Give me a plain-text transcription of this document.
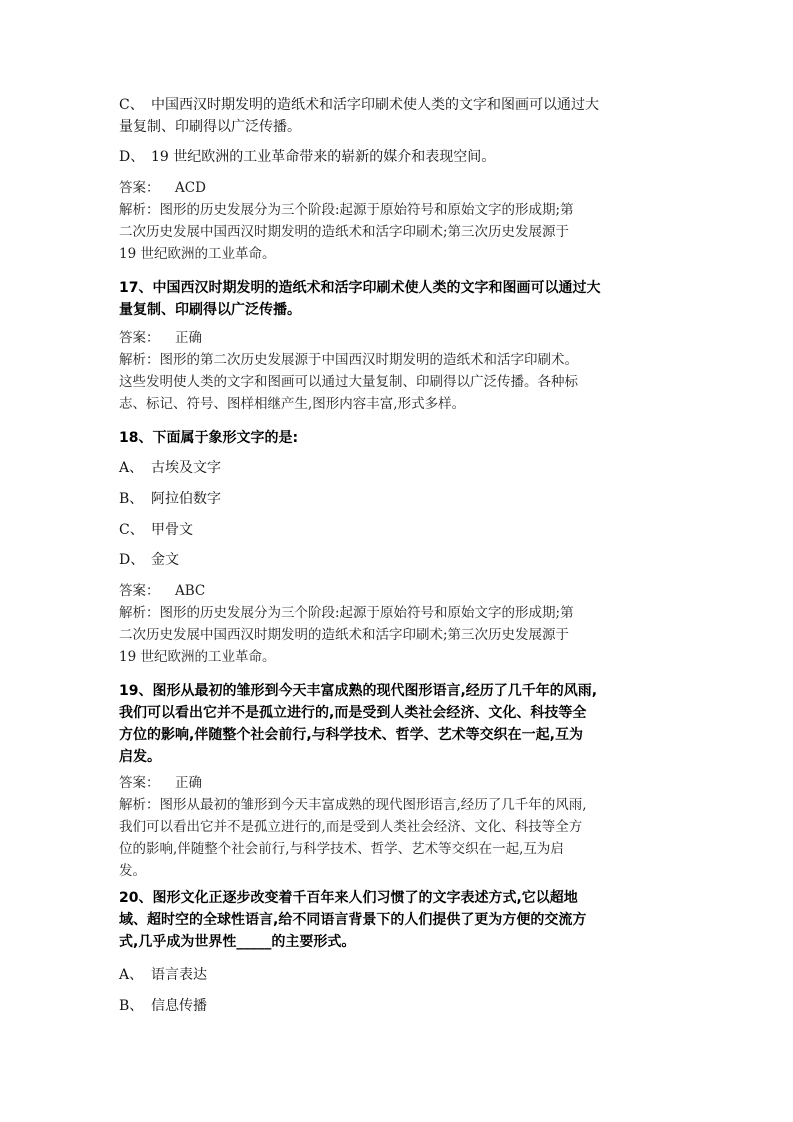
C、 中国西汉时期发明的造纸术和活字印刷术使人类的文字和图画可以通过大
量复制、印刷得以广泛传播。
D、 19 世纪欧洲的工业革命带来的崭新的媒介和表现空间。
答案： ACD
解析：图形的历史发展分为三个阶段:起源于原始符号和原始文字的形成期;第
二次历史发展中国西汉时期发明的造纸术和活字印刷术;第三次历史发展源于
19 世纪欧洲的工业革命。
17、中国西汉时期发明的造纸术和活字印刷术使人类的文字和图画可以通过大
量复制、印刷得以广泛传播。
答案： 正确
解析：图形的第二次历史发展源于中国西汉时期发明的造纸术和活字印刷术。
这些发明使人类的文字和图画可以通过大量复制、印刷得以广泛传播。各种标
志、标记、符号、图样相继产生,图形内容丰富,形式多样。
18、下面属于象形文字的是:
A、 古埃及文字
B、 阿拉伯数字
C、 甲骨文
D、 金文
答案： ABC
解析：图形的历史发展分为三个阶段:起源于原始符号和原始文字的形成期;第
二次历史发展中国西汉时期发明的造纸术和活字印刷术;第三次历史发展源于
19 世纪欧洲的工业革命。
19、图形从最初的雏形到今天丰富成熟的现代图形语言,经历了几千年的风雨,
我们可以看出它并不是孤立进行的,而是受到人类社会经济、文化、科技等全
方位的影响,伴随整个社会前行,与科学技术、哲学、艺术等交织在一起,互为
启发。
答案： 正确
解析：图形从最初的雏形到今天丰富成熟的现代图形语言,经历了几千年的风雨,
我们可以看出它并不是孤立进行的,而是受到人类社会经济、文化、科技等全方
位的影响,伴随整个社会前行,与科学技术、哲学、艺术等交织在一起,互为启
发。
20、图形文化正逐步改变着千百年来人们习惯了的文字表述方式,它以超地
域、超时空的全球性语言,给不同语言背景下的人们提供了更为方便的交流方
式,几乎成为世界性_____的主要形式。
A、 语言表达
B、 信息传播
